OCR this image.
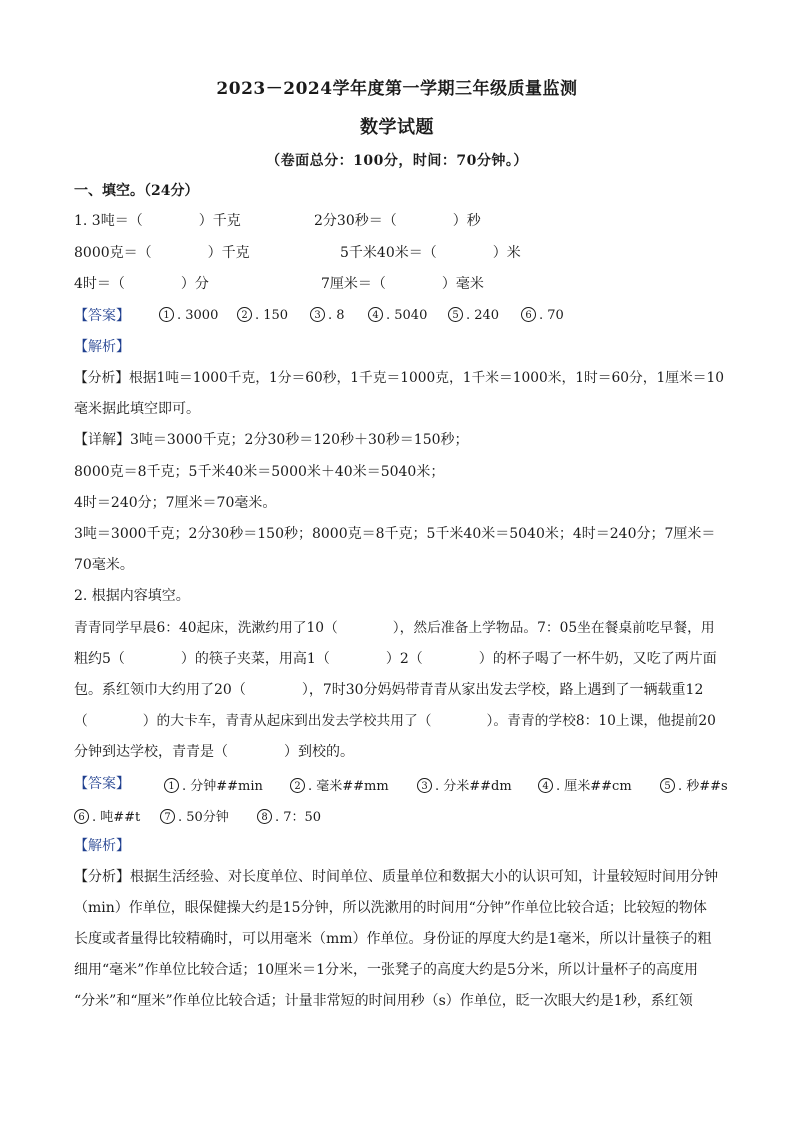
2023－2024学年度第一学期三年级质量监测
数学试题
（卷面总分：100分，时间：70分钟。）
一、填空。（24分）
1. 3吨＝（　　　　）千克	2分30秒＝（　　　　）秒
8000克＝（　　　　）千克	5千米40米＝（　　　　）米
4时＝（　　　　）分	7厘米＝（　　　　）毫米
【答案】	1 . 3000	2 . 150	3 . 8	4 . 5040	5 . 240	6 . 70
【解析】
【分析】根据1吨＝1000千克，1分＝60秒，1千克＝1000克，1千米＝1000米，1时＝60分，1厘米＝10
毫米据此填空即可。
【详解】3吨＝3000千克；2分30秒＝120秒＋30秒＝150秒；
8000克＝8千克；5千米40米＝5000米＋40米＝5040米；
4时＝240分；7厘米＝70毫米。
3吨＝3000千克；2分30秒＝150秒；8000克＝8千克；5千米40米＝5040米；4时＝240分；7厘米＝
70毫米。
2. 根据内容填空。
青青同学早晨6：40起床，洗漱约用了10（　　　　），然后准备上学物品。7：05坐在餐桌前吃早餐，用
粗约5（　　　　）的筷子夹菜，用高1（　　　　）2（　　　　）的杯子喝了一杯牛奶，又吃了两片面
包。系红领巾大约用了20（　　　　），7时30分妈妈带青青从家出发去学校，路上遇到了一辆载重12
（　　　　）的大卡车，青青从起床到出发去学校共用了（　　　　）。青青的学校8：10上课，他提前20
分钟到达学校，青青是（　　　　）到校的。
【答案】	1 . 分钟##min	2 . 毫米##mm	3 . 分米##dm	4 . 厘米##cm	5 . 秒##s
6 . 吨##t	7 . 50分钟	8 . 7：50
【解析】
【分析】根据生活经验、对长度单位、时间单位、质量单位和数据大小的认识可知，计量较短时间用分钟
（min）作单位，眼保健操大约是15分钟，所以洗漱用的时间用“分钟”作单位比较合适；比较短的物体
长度或者量得比较精确时，可以用毫米（mm）作单位。身份证的厚度大约是1毫米，所以计量筷子的粗
细用“毫米”作单位比较合适；10厘米＝1分米，一张凳子的高度大约是5分米，所以计量杯子的高度用
“分米”和“厘米”作单位比较合适；计量非常短的时间用秒（s）作单位，眨一次眼大约是1秒，系红领
